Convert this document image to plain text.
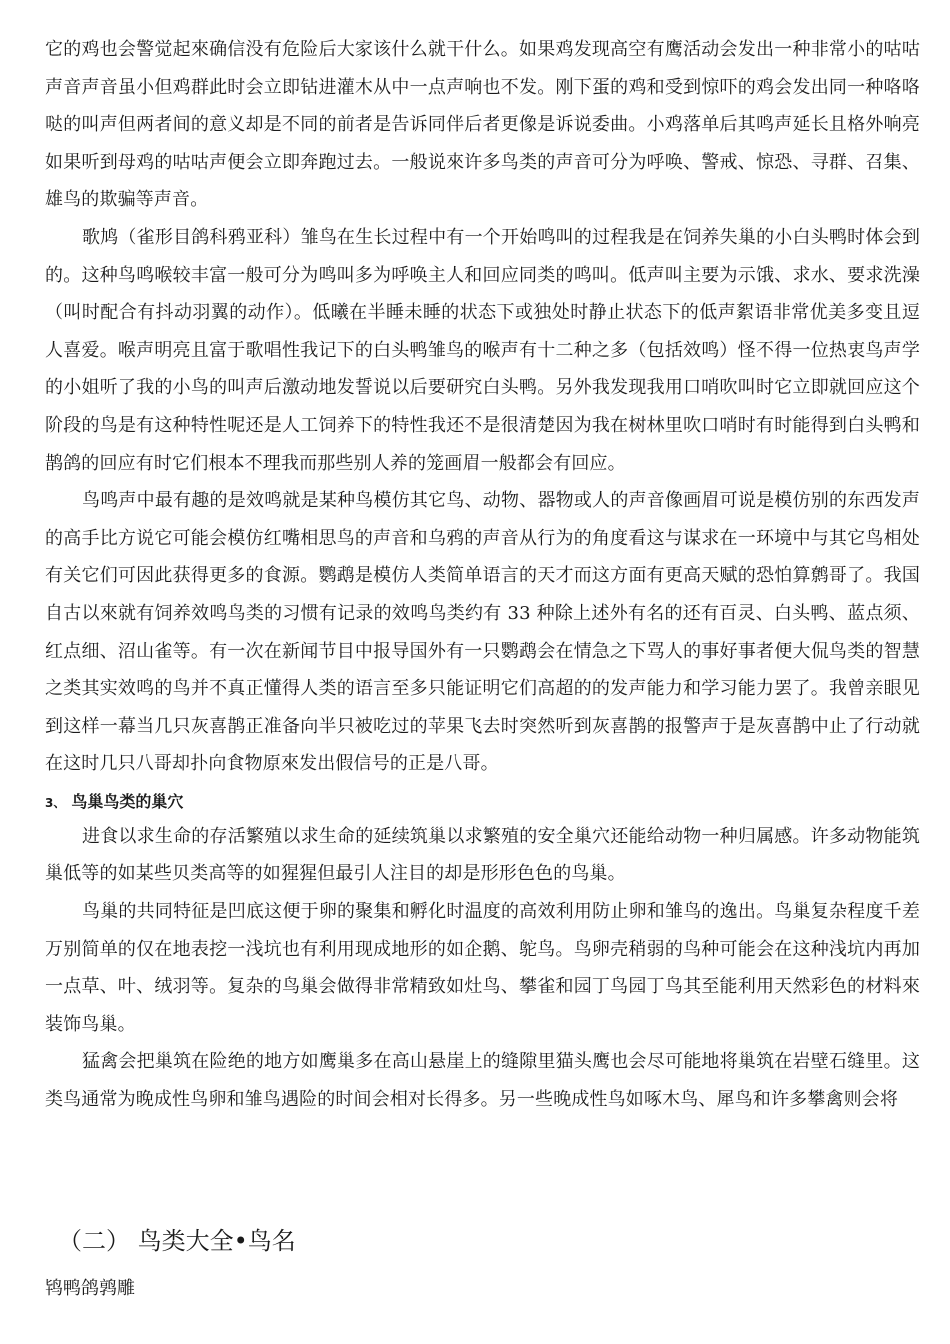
它的鸡也会警觉起來确信没有危险后大家该什么就干什么。如果鸡发现高空有鹰活动会发出一种非常小的咕咕声音声音虽小但鸡群此时会立即钻进灌木从中一点声响也不发。刚下蛋的鸡和受到惊吓的鸡会发出同一种咯咯哒的叫声但两者间的意义却是不同的前者是告诉同伴后者更像是诉说委曲。小鸡落单后其鸣声延长且格外响亮如果听到母鸡的咕咕声便会立即奔跑过去。一般说來许多鸟类的声音可分为呼唤、警戒、惊恐、寻群、召集、雄鸟的欺骗等声音。

歌鸠（雀形目鸽科鸦亚科）雏鸟在生长过程中有一个开始鸣叫的过程我是在饲养失巢的小白头鸭时体会到的。这种鸟鸣喉较丰富一般可分为鸣叫多为呼唤主人和回应同类的鸣叫。低声叫主要为示饿、求水、要求洗澡（叫时配合有抖动羽翼的动作）。低曦在半睡未睡的状态下或独处时静止状态下的低声絮语非常优美多变且逗人喜爱。喉声明亮且富于歌唱性我记下的白头鸭雏鸟的喉声有十二种之多（包括效鸣）怪不得一位热衷鸟声学的小姐听了我的小鸟的叫声后激动地发誓说以后要研究白头鸭。另外我发现我用口哨吹叫时它立即就回应这个阶段的鸟是有这种特性呢还是人工饲养下的特性我还不是很清楚因为我在树林里吹口哨时有时能得到白头鸭和鹊鸽的回应有时它们根本不理我而那些别人养的笼画眉一般都会有回应。

鸟鸣声中最有趣的是效鸣就是某种鸟模仿其它鸟、动物、器物或人的声音像画眉可说是模仿别的东西发声的高手比方说它可能会模仿红嘴相思鸟的声音和乌鸦的声音从行为的角度看这与谋求在一环境中与其它鸟相处有关它们可因此获得更多的食源。鹦鹉是模仿人类简单语言的天才而这方面有更高天赋的恐怕算鹩哥了。我国自古以來就有饲养效鸣鸟类的习惯有记录的效鸣鸟类约有 33 种除上述外有名的还有百灵、白头鸭、蓝点须、红点细、沼山雀等。有一次在新闻节目中报导国外有一只鹦鹉会在情急之下骂人的事好事者便大侃鸟类的智慧之类其实效鸣的鸟并不真正懂得人类的语言至多只能证明它们高超的的发声能力和学习能力罢了。我曾亲眼见到这样一幕当几只灰喜鹊正准备向半只被吃过的苹果飞去时突然听到灰喜鹊的报警声于是灰喜鹊中止了行动就在这时几只八哥却扑向食物原來发出假信号的正是八哥。

3、 鸟巢鸟类的巢穴

进食以求生命的存活繁殖以求生命的延续筑巢以求繁殖的安全巢穴还能给动物一种归属感。许多动物能筑巢低等的如某些贝类高等的如猩猩但最引人注目的却是形形色色的鸟巢。

鸟巢的共同特征是凹底这便于卵的聚集和孵化时温度的高效利用防止卵和雏鸟的逸出。鸟巢复杂程度千差万别简单的仅在地表挖一浅坑也有利用现成地形的如企鹅、鸵鸟。鸟卵壳稍弱的鸟种可能会在这种浅坑内再加一点草、叶、绒羽等。复杂的鸟巢会做得非常精致如灶鸟、攀雀和园丁鸟园丁鸟其至能利用天然彩色的材料來装饰鸟巢。

猛禽会把巢筑在险绝的地方如鹰巢多在高山悬崖上的缝隙里猫头鹰也会尽可能地将巢筑在岩壁石缝里。这类鸟通常为晚成性鸟卵和雏鸟遇险的时间会相对长得多。另一些晚成性鸟如啄木鸟、犀鸟和许多攀禽则会将

（二） 鸟类大全•鸟名

鸨鸭鸽鹑雕
